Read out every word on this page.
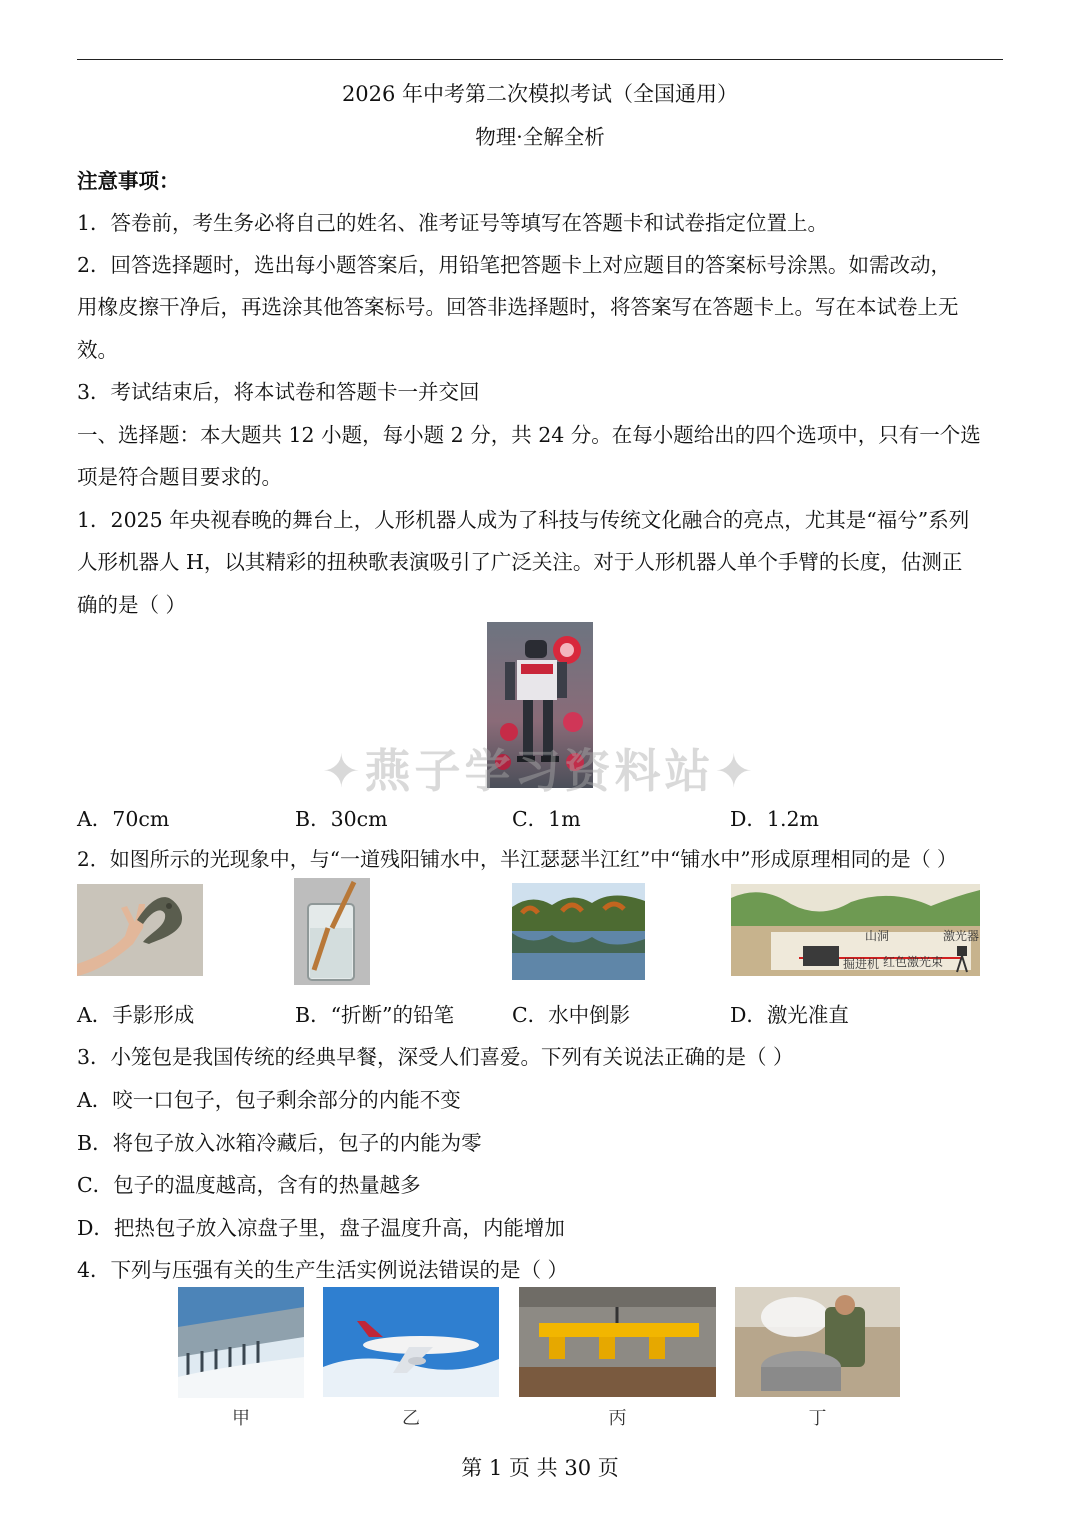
2026 年中考第二次模拟考试（全国通用）
物理·全解全析
注意事项：
1．答卷前，考生务必将自己的姓名、准考证号等填写在答题卡和试卷指定位置上。
2．回答选择题时，选出每小题答案后，用铅笔把答题卡上对应题目的答案标号涂黑。如需改动，
用橡皮擦干净后，再选涂其他答案标号。回答非选择题时，将答案写在答题卡上。写在本试卷上无
效。
3．考试结束后，将本试卷和答题卡一并交回
一、选择题：本大题共 12 小题，每小题 2 分，共 24 分。在每小题给出的四个选项中，只有一个选
项是符合题目要求的。
1．2025 年央视春晚的舞台上，人形机器人成为了科技与传统文化融合的亮点，尤其是“福兮”系列
人形机器人 H，以其精彩的扭秧歌表演吸引了广泛关注。对于人形机器人单个手臂的长度，估测正
确的是（ ）
✦燕子学习资料站✦
A．70cm	B．30cm	C．1m	D．1.2m
2．如图所示的光现象中，与“一道残阳铺水中，半江瑟瑟半江红”中“铺水中”形成原理相同的是（ ）
山洞	激光器
掘进机 红色激光束
A．手影形成	B．“折断”的铅笔	C．水中倒影	D．激光准直
3．小笼包是我国传统的经典早餐，深受人们喜爱。下列有关说法正确的是（ ）
A．咬一口包子，包子剩余部分的内能不变
B．将包子放入冰箱冷藏后，包子的内能为零
C．包子的温度越高，含有的热量越多
D．把热包子放入凉盘子里，盘子温度升高，内能增加
4．下列与压强有关的生产生活实例说法错误的是（ ）
甲	乙	丙	丁
第 1 页 共 30 页
